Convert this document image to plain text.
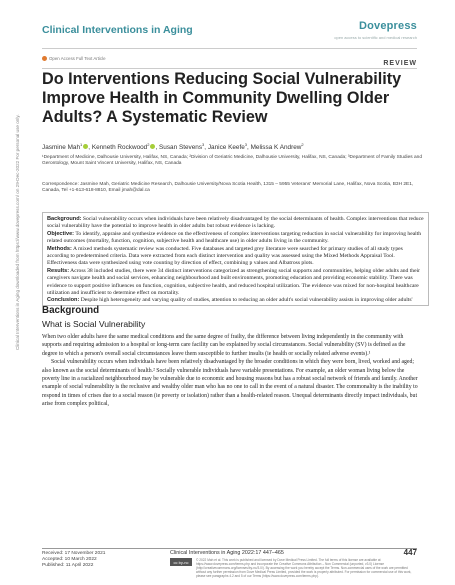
Clinical Interventions in Aging	Dovepress
open access to scientific and medical research
Clinical Interventions in Aging downloaded from https://www.dovepress.com/ on 29-Dec-2022 For personal use only.
Open Access Full Text Article
REVIEW
Do Interventions Reducing Social Vulnerability Improve Health in Community Dwelling Older Adults? A Systematic Review
Jasmine Mah$^1$ , Kenneth Rockwood$^2$ , Susan Stevens$^3$, Janice Keefe$^3$, Melissa K Andrew$^2$
¹Department of Medicine, Dalhousie University, Halifax, NS, Canada; ²Division of Geriatric Medicine, Dalhousie University, Halifax, NS, Canada; ³Department of Family Studies and Gerontology, Mount Saint Vincent University, Halifax, NS, Canada
Correspondence: Jasmine Mah, Geriatric Medicine Research, Dalhousie University/Nova Scotia Health, 1315 – 5955 Veterans' Memorial Lane, Halifax, Nova Scotia, B3H 2E1, Canada, Tel +1-613-618-8810, Email jmah@dal.ca

Background: Social vulnerability occurs when individuals have been relatively disadvantaged by the social determinants of health. Complex interventions that reduce social vulnerability have the potential to improve health in older adults but robust evidence is lacking.

Objective: To identify, appraise and synthesize evidence on the effectiveness of complex interventions targeting reduction in social vulnerability for improving health related outcomes (mortality, function, cognition, subjective health and healthcare use) in older adults living in the community.

Methods: A mixed methods systematic review was conducted. Five databases and targeted grey literature were searched for primary studies of all study types according to predetermined criteria. Data were extracted from each distinct intervention and quality was assessed using the Mixed Methods Appraisal Tool. Effectiveness data were synthesized using vote counting by direction of effect, combining p values and Albatross plots.

Results: Across 38 included studies, there were 34 distinct interventions categorized as strengthening social supports and communities, helping older adults and their caregivers navigate health and social services, enhancing neighbourhood and built environments, promoting education and providing economic stability. There was evidence to support positive influences on function, cognition, subjective health, and reduced hospital utilization. The evidence was mixed for non-hospital healthcare utilization and insufficient to determine effect on mortality.

Conclusion: Despite high heterogeneity and varying quality of studies, attention to reducing an older adult's social vulnerability assists in improving older adults'

Background
What is Social Vulnerability

When two older adults have the same medical conditions and the same degree of frailty, the difference between living independently in the community with supports and requiring admission to a hospital or long-term care facility can be explained by social circumstances. Social vulnerability (SV) is defined as the degree to which a person's overall social circumstances leave them susceptible to further insults (ie health or socially related adverse events).¹

Social vulnerability occurs when individuals have been relatively disadvantaged by the broader conditions in which they were born, lived, worked and aged; also known as the social determinants of health.² Socially vulnerable individuals have variable presentations. For example, an older woman living below the poverty line in a racialized neighbourhood may be vulnerable due to economic and housing reasons but has a robust social network of friends and family. Another example of social vulnerability is the reclusive and wealthy older man who has no one to call in the event of a natural disaster. The commonality is the inability to respond in times of crises due to a social reason (ie poverty or isolation) rather than a health-related reason. Unequal determinants directly impact individuals, but arise from complex political,

Received: 17 November 2021
Accepted: 10 March 2022
Published: 11 April 2022
Clinical Interventions in Aging 2022:17 447–465	447
cc by-nc	© 2022 Mah et al. This work is published and licensed by Dove Medical Press Limited. The full terms of this license are available at https://www.dovepress.com/terms.php and incorporate the Creative Commons Attribution – Non Commercial (unported, v3.0) License (http://creativecommons.org/licenses/by-nc/3.0/). By accessing the work you hereby accept the Terms. Non-commercial uses of the work are permitted without any further permission from Dove Medical Press Limited, provided the work is properly attributed. For permission for commercial use of this work, please see paragraphs 4.2 and 5 of our Terms (https://www.dovepress.com/terms.php).
